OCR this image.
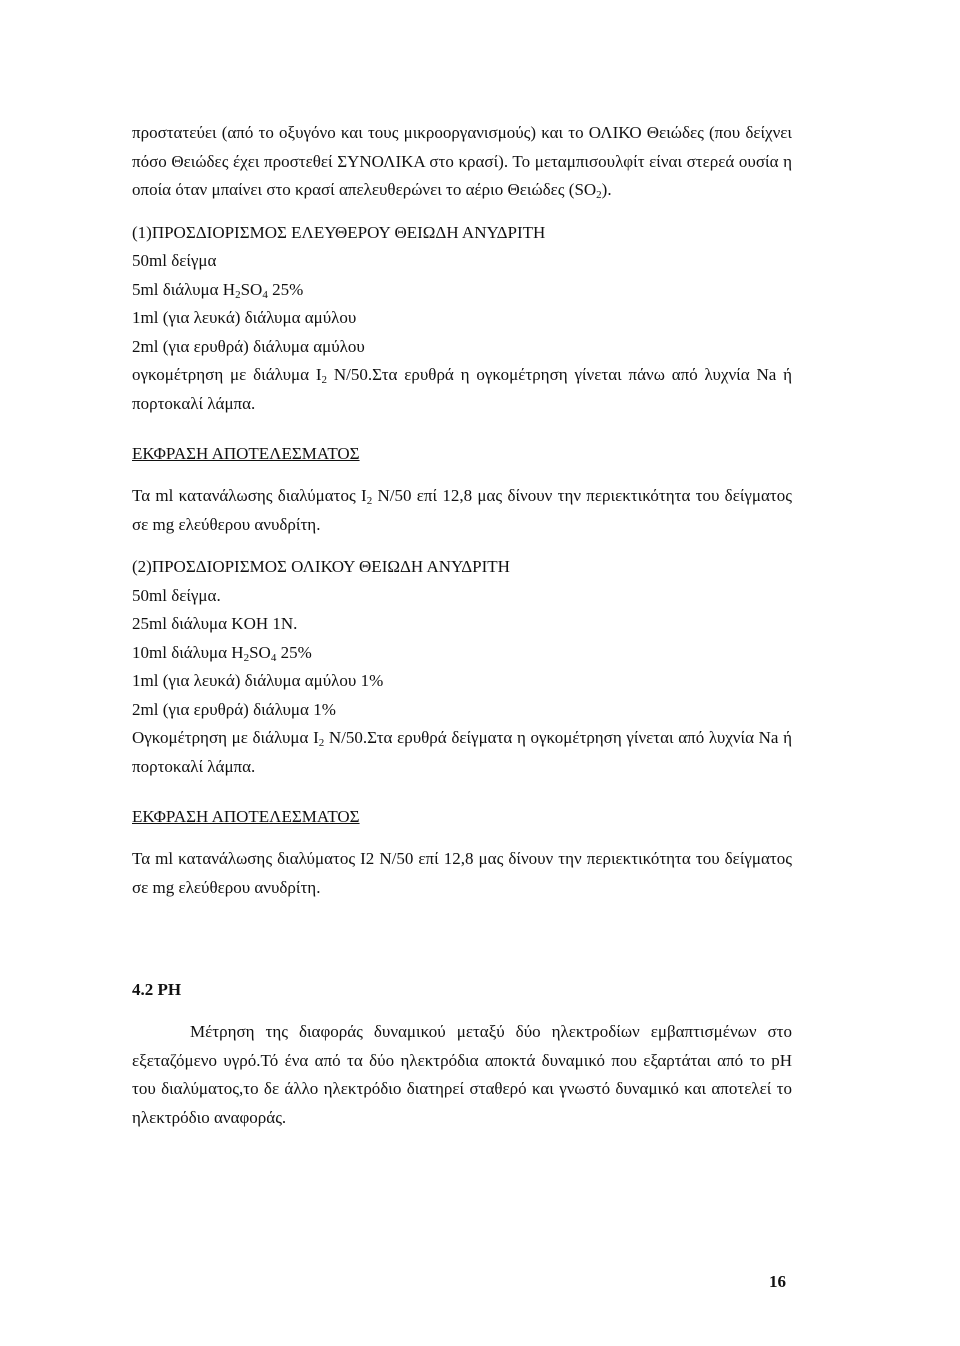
προστατεύει (από το οξυγόνο και τους μικροοργανισμούς) και το ΟΛΙΚΟ Θειώδες (που δείχνει πόσο Θειώδες έχει προστεθεί ΣΥΝΟΛΙΚΑ στο κρασί). Το μεταμπισουλφίτ είναι στερεά ουσία η οποία όταν μπαίνει στο κρασί απελευθερώνει το αέριο Θειώδες $(SO_2)$.

(1)ΠΡΟΣΔΙΟΡΙΣΜΟΣ ΕΛΕΥΘΕΡΟΥ ΘΕΙΩΔΗ ΑΝΥΔΡΙΤΗ

50ml δείγμα

5ml διάλυμα $H_2SO_4$ 25%

1ml (για λευκά) διάλυμα αμύλου

2ml (για ερυθρά) διάλυμα αμύλου

ογκομέτρηση με διάλυμα $I_2$ N/50.Στα ερυθρά η ογκομέτρηση γίνεται πάνω από λυχνία Na ή πορτοκαλί λάμπα.

ΕΚΦΡΑΣΗ ΑΠΟΤΕΛΕΣΜΑΤΟΣ

Τα ml κατανάλωσης διαλύματος $I_2$ N/50 επί 12,8 μας δίνουν την περιεκτικότητα του δείγματος σε mg ελεύθερου ανυδρίτη.

(2)ΠΡΟΣΔΙΟΡΙΣΜΟΣ ΟΛΙΚΟΥ ΘΕΙΩΔΗ ΑΝΥΔΡΙΤΗ

50ml δείγμα.

25ml διάλυμα KOH 1N.

10ml διάλυμα $H_2SO_4$ 25%

1ml (για λευκά) διάλυμα αμύλου 1%

2ml (για ερυθρά) διάλυμα 1%

Ογκομέτρηση με διάλυμα $I_2$ N/50.Στα ερυθρά δείγματα η ογκομέτρηση γίνεται από λυχνία Na ή πορτοκαλί λάμπα.

ΕΚΦΡΑΣΗ ΑΠΟΤΕΛΕΣΜΑΤΟΣ

Τα ml κατανάλωσης διαλύματος I2 N/50 επί 12,8 μας δίνουν την περιεκτικότητα του δείγματος σε mg ελεύθερου ανυδρίτη.

4.2 PH

Μέτρηση της διαφοράς δυναμικού μεταξύ δύο ηλεκτροδίων εμβαπτισμένων στο εξεταζόμενο υγρό.Τό ένα από τα δύο ηλεκτρόδια αποκτά δυναμικό που εξαρτάται από το pH του διαλύματος,το δε άλλο ηλεκτρόδιο διατηρεί σταθερό και γνωστό δυναμικό και αποτελεί το ηλεκτρόδιο αναφοράς.

16
